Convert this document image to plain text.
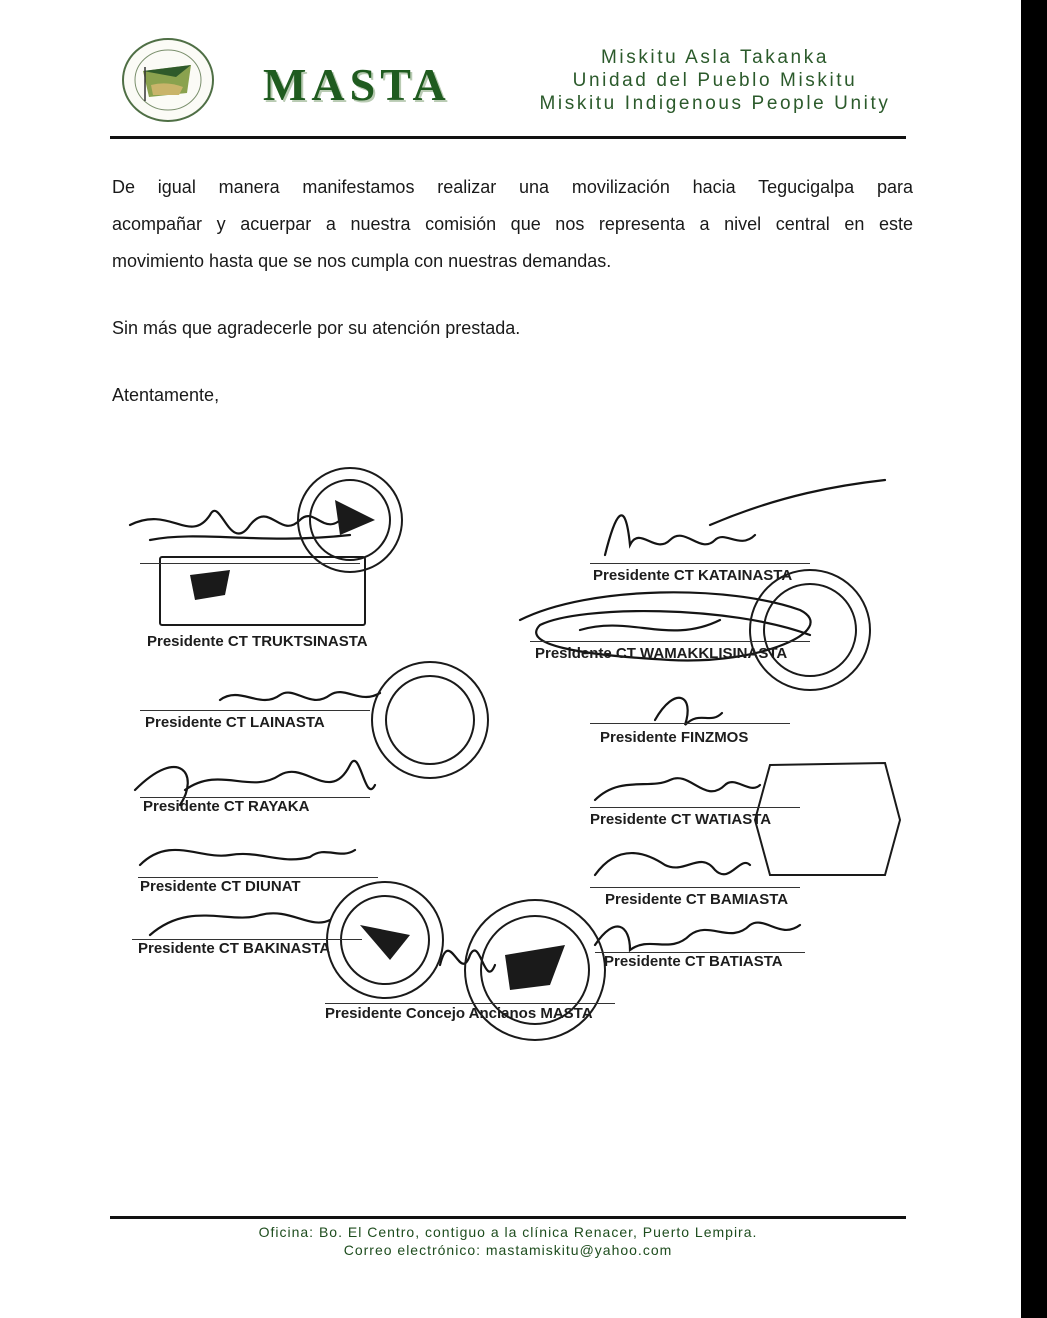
MASTA
Miskitu Asla Takanka
Unidad del Pueblo Miskitu
Miskitu Indigenous People Unity
De igual manera manifestamos realizar una movilización hacia Tegucigalpa para
acompañar y acuerpar a nuestra comisión que nos representa a nivel central en este
movimiento hasta que se nos cumpla con nuestras demandas.
Sin más que agradecerle por su atención prestada.
Atentamente,
Presidente CT TRUKTSINASTA
Presidente CT KATAINASTA
Presidente CT WAMAKKLISINASTA
Presidente CT LAINASTA
Presidente FINZMOS
Presidente CT RAYAKA
Presidente CT WATIASTA
Presidente CT DIUNAT
Presidente CT BAMIASTA
Presidente CT BAKINASTA
Presidente CT BATIASTA
Presidente Concejo Ancianos MASTA
Oficina: Bo. El Centro, contiguo a la clínica Renacer, Puerto Lempira.
Correo electrónico: mastamiskitu@yahoo.com
